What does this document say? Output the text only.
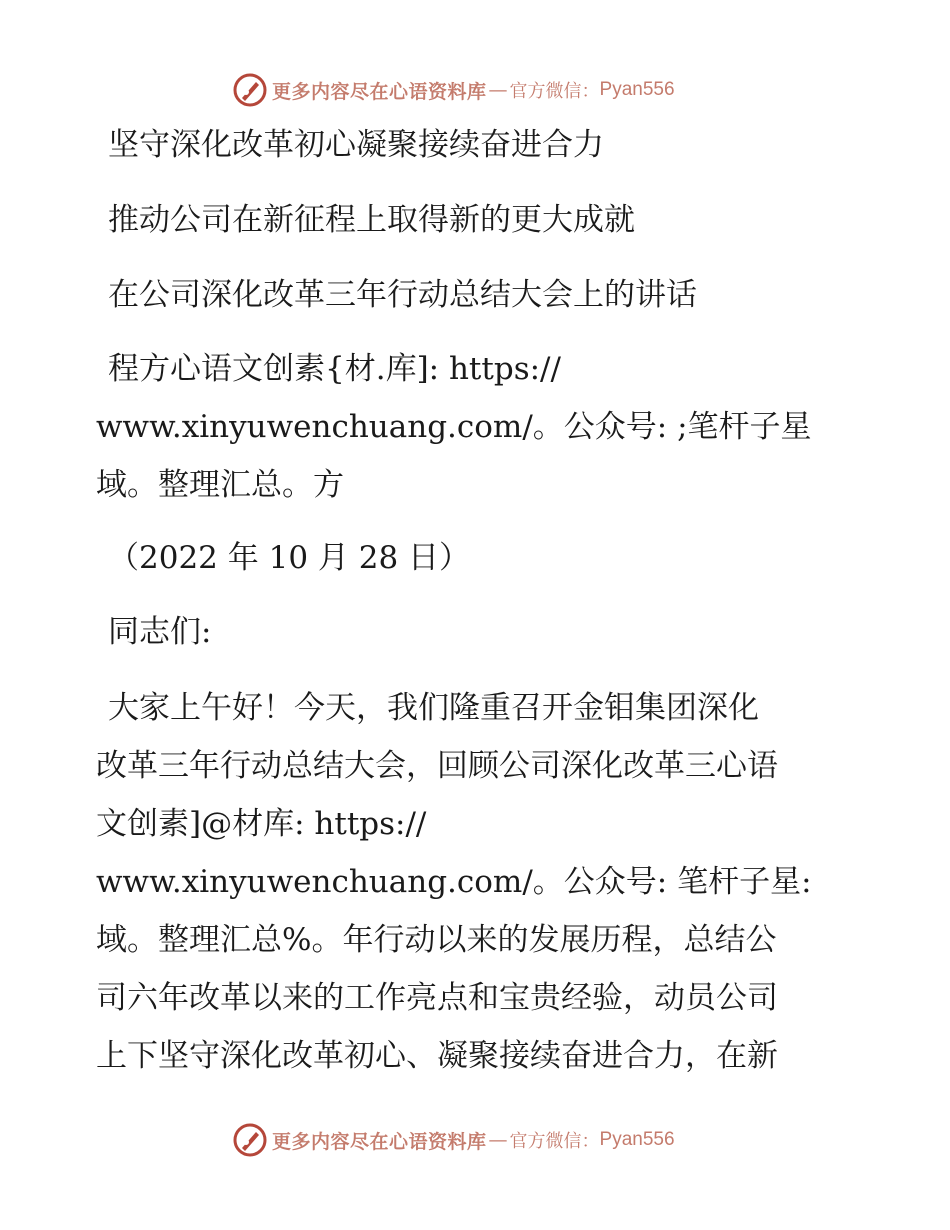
更多内容尽在心语资料库 — 官方微信： Pyan556
坚守深化改革初心凝聚接续奋进合力
推动公司在新征程上取得新的更大成就
在公司深化改革三年行动总结大会上的讲话
程方心语文创素{材.库]: https://
www.xinyuwenchuang.com/。公众号: ;笔杆子星
域。整理汇总。方
（2022 年 10 月 28 日）
同志们:
大家上午好！今天，我们隆重召开金钼集团深化
改革三年行动总结大会，回顾公司深化改革三心语
文创素]@材库: https://
www.xinyuwenchuang.com/。公众号: 笔杆子星:
域。整理汇总%。年行动以来的发展历程，总结公
司六年改革以来的工作亮点和宝贵经验，动员公司
上下坚守深化改革初心、凝聚接续奋进合力，在新
更多内容尽在心语资料库 — 官方微信： Pyan556
